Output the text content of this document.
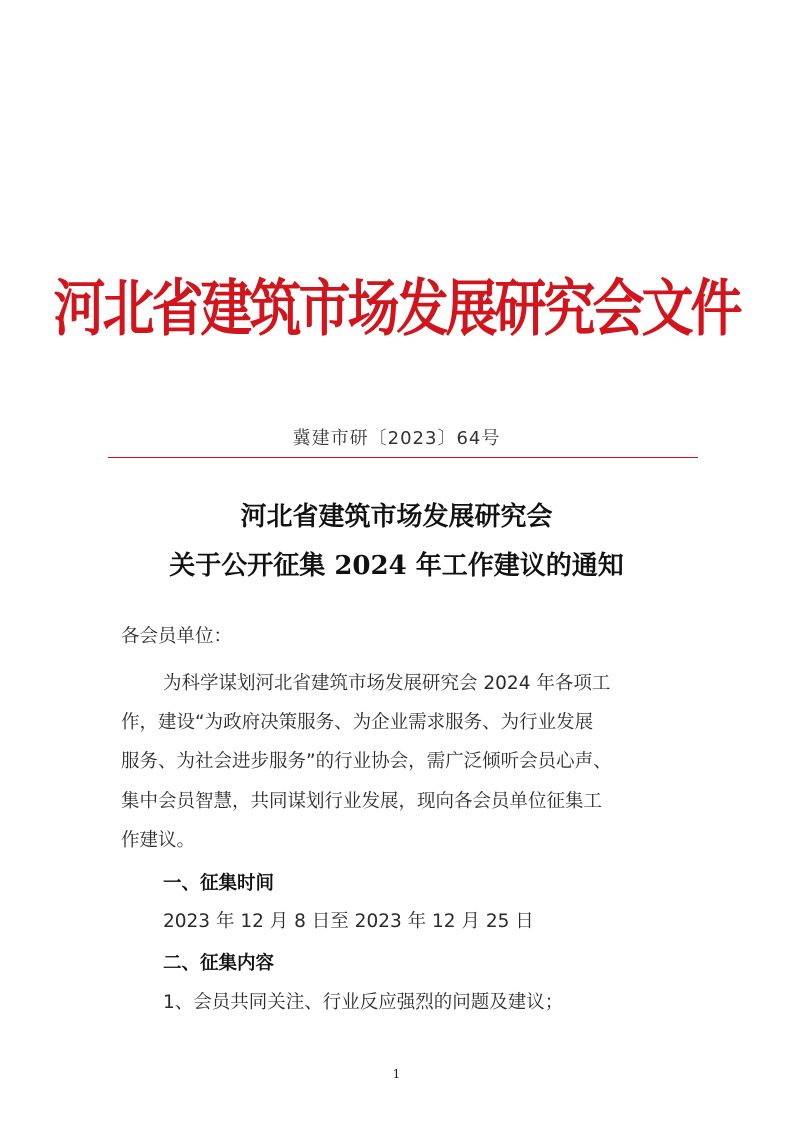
河北省建筑市场发展研究会文件
冀建市研〔2023〕64号
河北省建筑市场发展研究会
关于公开征集 2024 年工作建议的通知
各会员单位：
为科学谋划河北省建筑市场发展研究会 2024 年各项工
作，建设“为政府决策服务、为企业需求服务、为行业发展
服务、为社会进步服务”的行业协会，需广泛倾听会员心声、
集中会员智慧，共同谋划行业发展，现向各会员单位征集工
作建议。
一、征集时间
2023 年 12 月 8 日至 2023 年 12 月 25 日
二、征集内容
1、会员共同关注、行业反应强烈的问题及建议；
1
